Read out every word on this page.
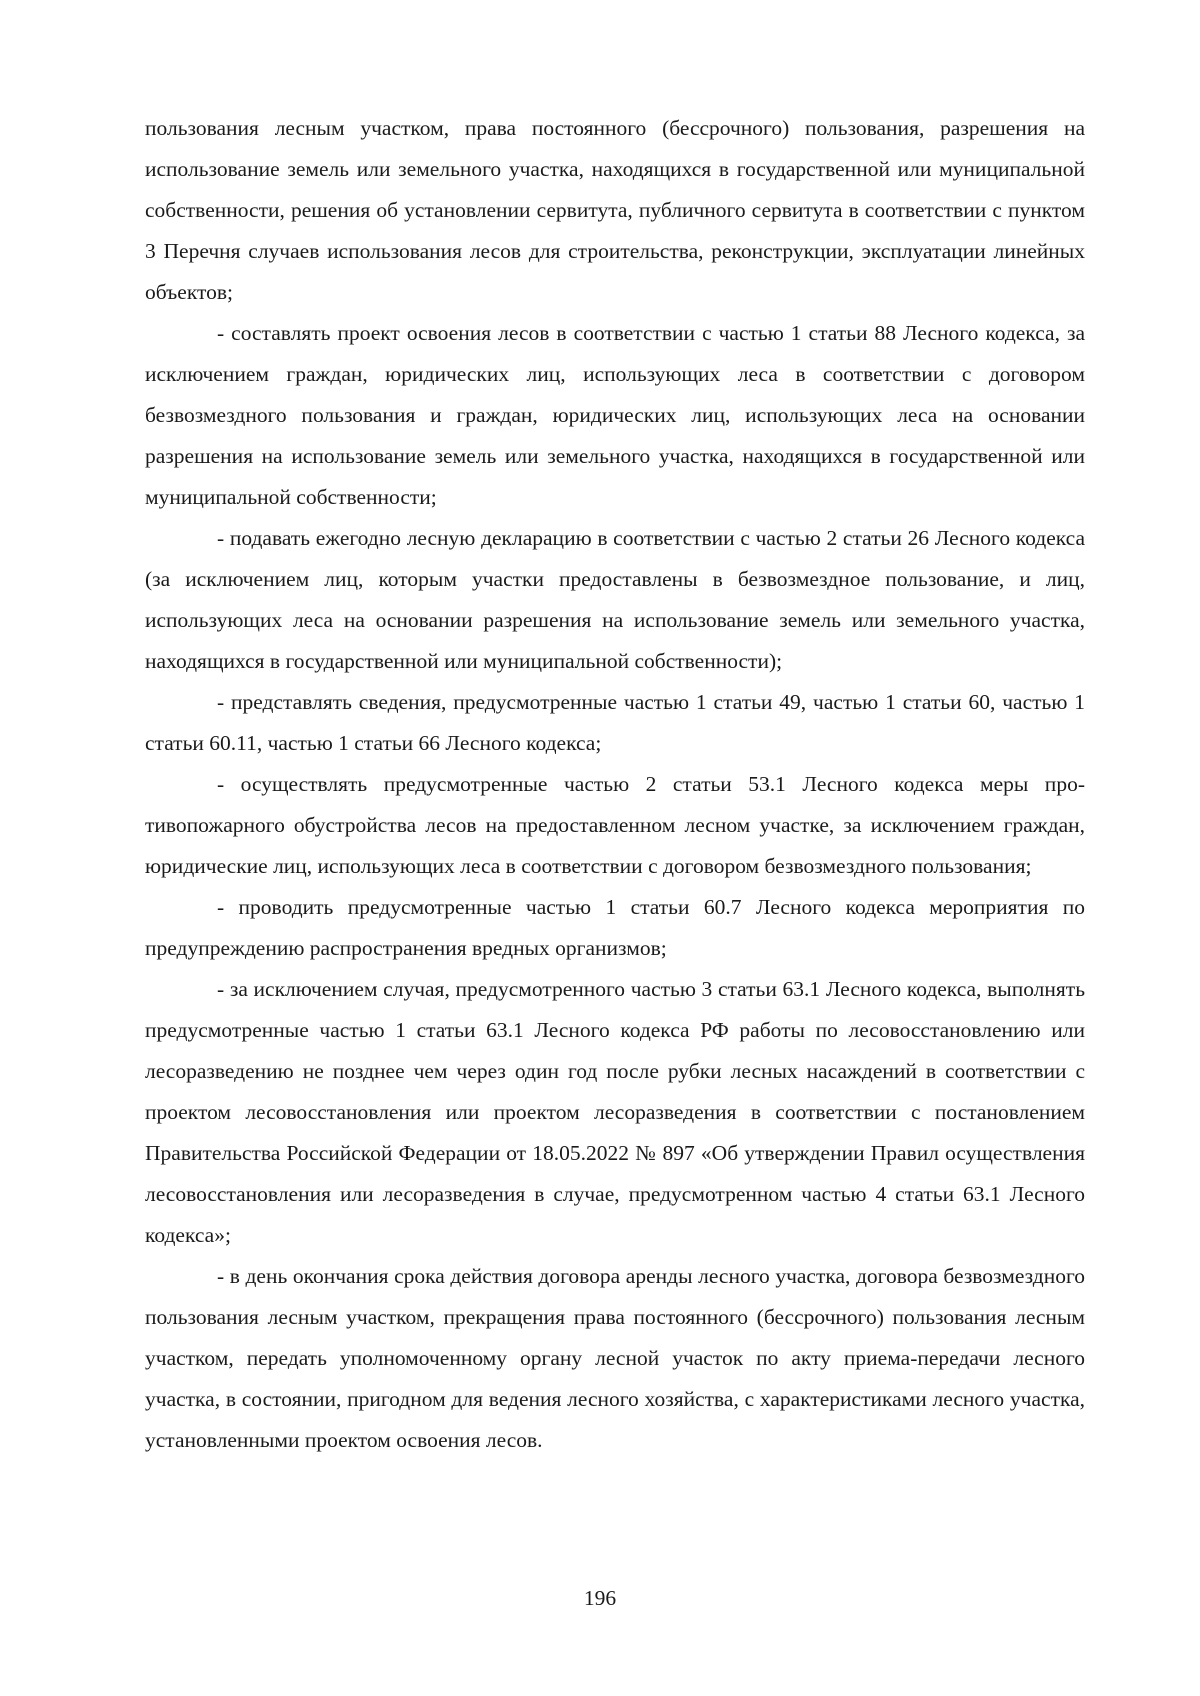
пользования лесным участком, права постоянного (бессрочного) пользования, разрешения на использование земель или земельного участка, находящихся в государственной или муниципальной собственности, решения об установлении сервитута, публичного сервитута в соответствии с пунктом 3 Перечня случаев использования лесов для строительства, реконструкции, эксплуатации линейных объектов;

- составлять проект освоения лесов в соответствии с частью 1 статьи 88 Лесного кодекса, за исключением граждан, юридических лиц, использующих леса в соответствии с договором безвозмездного пользования и граждан, юридических лиц, использующих леса на основании разрешения на использование земель или земельного участка, находящихся в государственной или муниципальной собственности;

- подавать ежегодно лесную декларацию в соответствии с частью 2 статьи 26 Лесного кодекса (за исключением лиц, которым участки предоставлены в безвозмездное пользование, и лиц, использующих леса на основании разрешения на использование земель или земельного участка, находящихся в государственной или муниципальной собственности);

- представлять сведения, предусмотренные частью 1 статьи 49, частью 1 статьи 60, частью 1 статьи 60.11, частью 1 статьи 66 Лесного кодекса;

- осуществлять предусмотренные частью 2 статьи 53.1 Лесного кодекса меры противопожарного обустройства лесов на предоставленном лесном участке, за исключением граждан, юридические лиц, использующих леса в соответствии с договором безвозмездного пользования;

- проводить предусмотренные частью 1 статьи 60.7 Лесного кодекса мероприятия по предупреждению распространения вредных организмов;

- за исключением случая, предусмотренного частью 3 статьи 63.1 Лесного кодекса, выполнять предусмотренные частью 1 статьи 63.1 Лесного кодекса РФ работы по лесовосстановлению или лесоразведению не позднее чем через один год после рубки лесных насаждений в соответствии с проектом лесовосстановления или проектом лесоразведения в соответствии с постановлением Правительства Российской Федерации от 18.05.2022 № 897 «Об утверждении Правил осуществления лесовосстановления или лесоразведения в случае, предусмотренном частью 4 статьи 63.1 Лесного кодекса»;

- в день окончания срока действия договора аренды лесного участка, договора безвозмездного пользования лесным участком, прекращения права постоянного (бессрочного) пользования лесным участком, передать уполномоченному органу лесной участок по акту приема-передачи лесного участка, в состоянии, пригодном для ведения лесного хозяйства, с характеристиками лесного участка, установленными проектом освоения лесов.

196
